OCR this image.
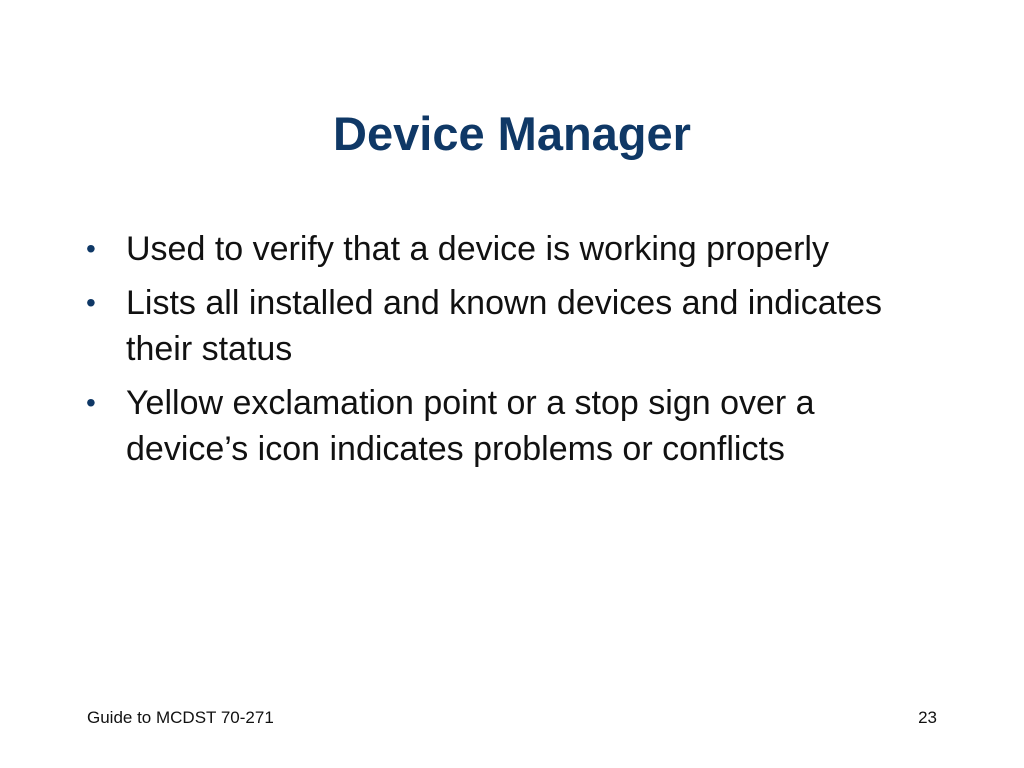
Device Manager
• Used to verify that a device is working properly
• Lists all installed and known devices and indicates their status
• Yellow exclamation point or a stop sign over a device’s icon indicates problems or conflicts
Guide to MCDST 70-271	23
